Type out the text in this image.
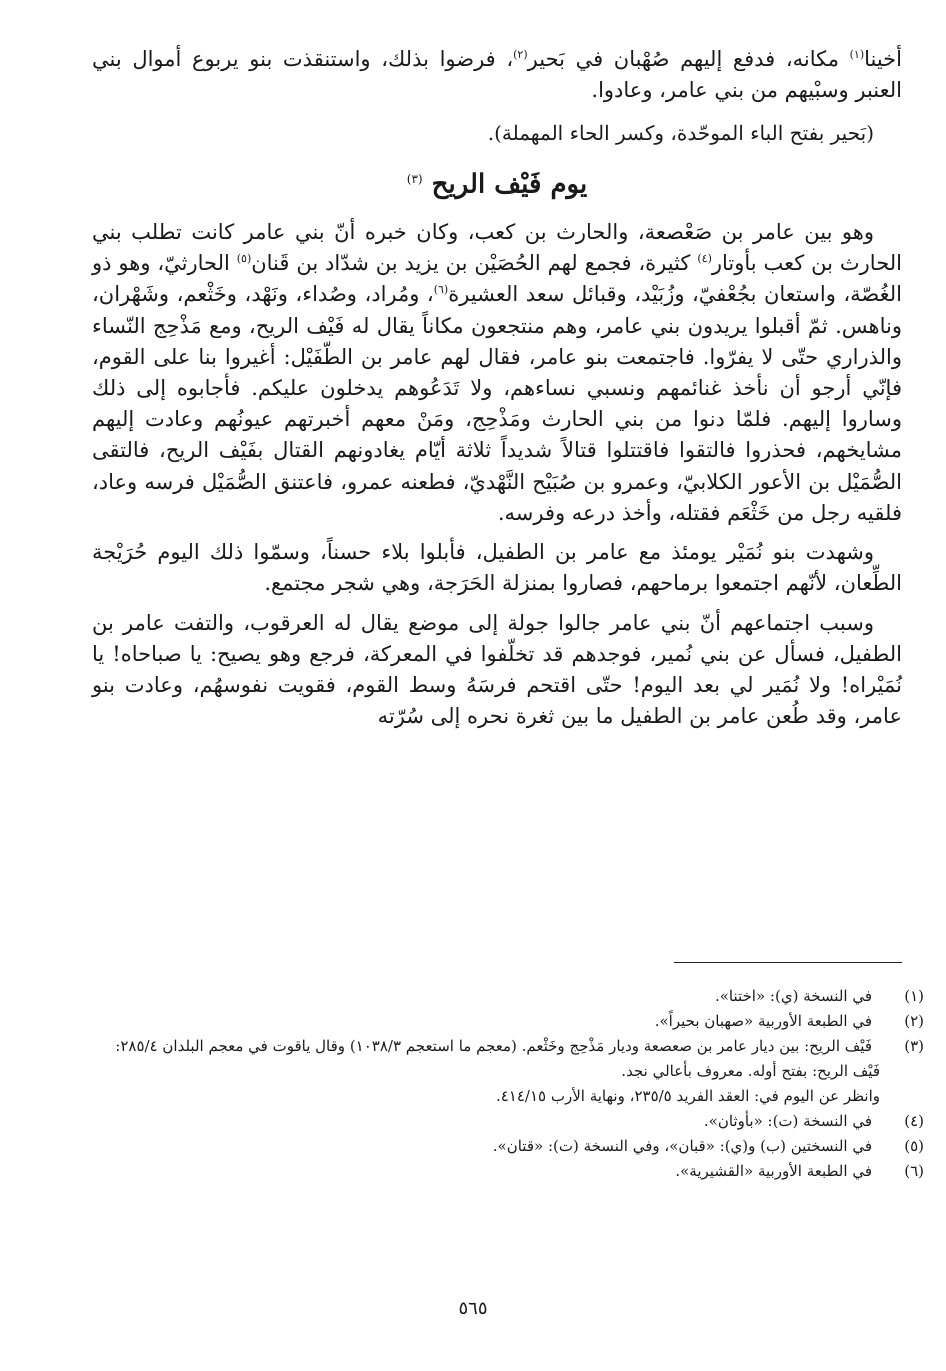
أخينا$^{(١)}$ مكانه، فدفع إليهم صُهْبان في بَحير$^{(٢)}$، فرضوا بذلك، واستنقذت بنو يربوع أموال بني العنبر وسبْيهم من بني عامر، وعادوا.

(بَحير بفتح الباء الموحّدة، وكسر الحاء المهملة).

يوم فَيْف الريح $^{(٣)}$

وهو بين عامر بن صَعْصعة، والحارث بن كعب، وكان خبره أنّ بني عامر كانت تطلب بني الحارث بن كعب بأوتار$^{(٤)}$ كثيرة، فجمع لهم الحُصَيْن بن يزيد بن شدّاد بن قَنان$^{(٥)}$ الحارثيّ، وهو ذو الغُصّة، واستعان بجُعْفيّ، وزُبَيْد، وقبائل سعد العشيرة$^{(٦)}$، ومُراد، وصُداء، ونَهْد، وخَثْعم، وشَهْران، وناهس. ثمّ أقبلوا يريدون بني عامر، وهم منتجعون مكاناً يقال له فَيْف الريح، ومع مَذْحِج النّساء والذراري حتّى لا يفرّوا. فاجتمعت بنو عامر، فقال لهم عامر بن الطّفَيْل: أغيروا بنا على القوم، فإنّي أرجو أن نأخذ غنائمهم ونسبي نساءهم، ولا تَدَعُوهم يدخلون عليكم. فأجابوه إلى ذلك وساروا إليهم. فلمّا دنوا من بني الحارث ومَذْحِج، ومَنْ معهم أخبرتهم عيونُهم وعادت إليهم مشايخهم، فحذروا فالتقوا فاقتتلوا قتالاً شديداً ثلاثة أيّام يغادونهم القتال بفَيْف الريح، فالتقى الصُّمَيْل بن الأعور الكلابيّ، وعمرو بن صُبَيْح النَّهْديّ، فطعنه عمرو، فاعتنق الصُّمَيْل فرسه وعاد، فلقيه رجل من خَثْعَم فقتله، وأخذ درعه وفرسه.

وشهدت بنو نُمَيْر يومئذ مع عامر بن الطفيل، فأبلوا بلاء حسناً، وسمّوا ذلك اليوم حُرَيْجة الطِّعان، لأنّهم اجتمعوا برماحهم، فصاروا بمنزلة الحَرَجة، وهي شجر مجتمع.

وسبب اجتماعهم أنّ بني عامر جالوا جولة إلى موضع يقال له العرقوب، والتفت عامر بن الطفيل، فسأل عن بني نُمير، فوجدهم قد تخلّفوا في المعركة، فرجع وهو يصيح: يا صباحاه! يا نُمَيْراه! ولا نُمَير لي بعد اليوم! حتّى اقتحم فرسَهُ وسط القوم، فقويت نفوسهُم، وعادت بنو عامر، وقد طُعن عامر بن الطفيل ما بين ثغرة نحره إلى سُرّته

(١)في النسخة (ي): «اختنا».

(٢)في الطبعة الأوربية «صهبان بحيراً».

(٣)فَيْف الريح: بين ديار عامر بن صعصعة وديار مَذْحِج وخَثْعم. (معجم ما استعجم ١٠٣٨/٣) وقال ياقوت في معجم البلدان ٢٨٥/٤: فَيْف الريح: بفتح أوله. معروف بأعالي نجد.
وانظر عن اليوم في: العقد الفريد ٢٣٥/٥، ونهاية الأرب ٤١٤/١٥.

(٤)في النسخة (ت): «بأوثان».

(٥)في النسختين (ب) و(ي): «قبان»، وفي النسخة (ت): «قتان».

(٦)في الطبعة الأوربية «القشيرية».

٥٦٥
